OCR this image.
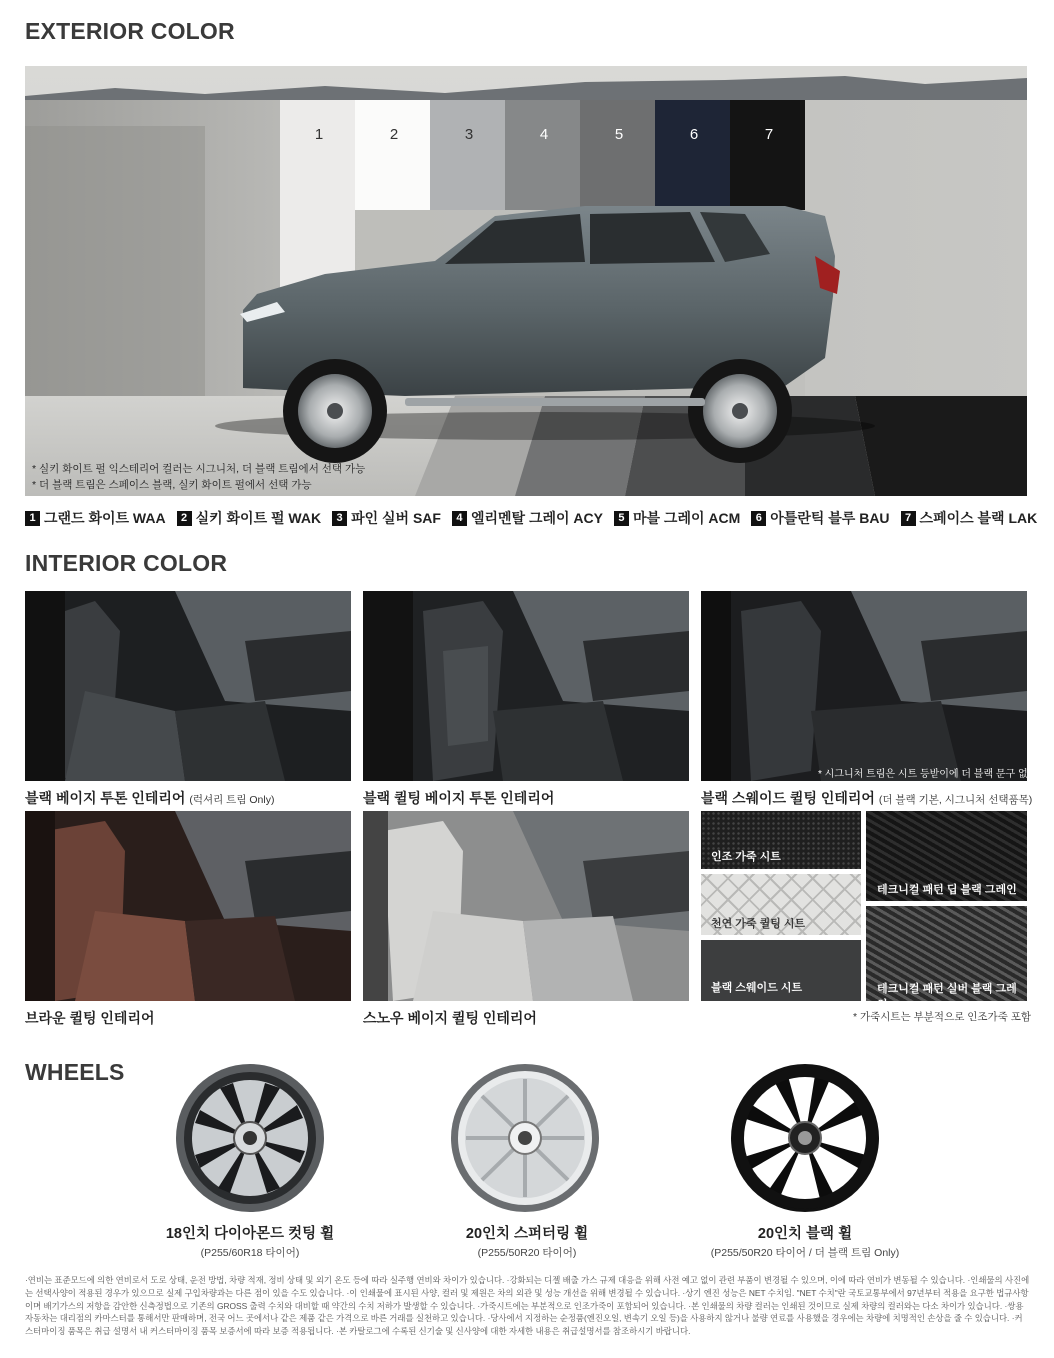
EXTERIOR COLOR
1	2	3	4	5	6	7
* 실키 화이트 펄 익스테리어 컬러는 시그니처, 더 블랙 트림에서 선택 가능
* 더 블랙 트림은 스페이스 블랙, 실키 화이트 펄에서 선택 가능
1 그랜드 화이트 WAA	2 실키 화이트 펄 WAK	3 파인 실버 SAF	4 엘리멘탈 그레이 ACY	5 마블 그레이 ACM	6 아틀란틱 블루 BAU	7 스페이스 블랙 LAK
INTERIOR COLOR
블랙 베이지 투톤 인테리어 (럭셔리 트림 Only)	블랙 퀼팅 베이지 투톤 인테리어
* 시그니처 트림은 시트 등받이에 더 블랙 문구 없음
블랙 스웨이드 퀼팅 인테리어 (더 블랙 기본, 시그니처 선택품목)
브라운 퀼팅 인테리어	스노우 베이지 퀼팅 인테리어
인조 가죽 시트
천연 가죽 퀼팅 시트
블랙 스웨이드 시트
테크니컬 패턴 딥 블랙 그레인
테크니컬 패턴 실버 블랙 그레인
* 가죽시트는 부분적으로 인조가죽 포함
WHEELS
18인치 다이아몬드 컷팅 휠
(P255/60R18 타이어)
20인치 스퍼터링 휠
(P255/50R20 타이어)
20인치 블랙 휠
(P255/50R20 타이어 / 더 블랙 트림 Only)
·연비는 표준모드에 의한 연비로서 도로 상태, 운전 방법, 차량 적재, 정비 상태 및 외기 온도 등에 따라 실주행 연비와 차이가 있습니다. ·강화되는 디젤 배출 가스 규제 대응을 위해 사전 예고 없이 관련 부품이 변경될 수 있으며, 이에 따라 연비가 변동될 수 있습니다. ·인쇄물의 사진에는 선택사양이 적용된 경우가 있으므로 실제 구입차량과는 다른 점이 있을 수도 있습니다. ·이 인쇄물에 표시된 사양, 컬러 및 제원은 차의 외관 및 성능 개선을 위해 변경될 수 있습니다. ·상기 엔진 성능은 NET 수치임. "NET 수치"란 국토교통부에서 97년부터 적용을 요구한 법규사항이며 배기가스의 저항을 감안한 신측정법으로 기존의 GROSS 출력 수치와 대비할 때 약간의 수치 저하가 발생할 수 있습니다. ·가죽시트에는 부분적으로 인조가죽이 포함되어 있습니다. ·본 인쇄물의 차량 컬러는 인쇄된 것이므로 실제 차량의 컬러와는 다소 차이가 있습니다. ·쌍용자동차는 대리점의 카마스터를 통해서만 판매하며, 전국 어느 곳에서나 같은 제품 같은 가격으로 바른 거래를 실천하고 있습니다. ·당사에서 지정하는 순정품(엔진오일, 변속기 오일 등)을 사용하지 않거나 불량 연료를 사용했을 경우에는 차량에 치명적인 손상을 줄 수 있습니다. ·커스터마이징 품목은 취급 설명서 내 커스터마이징 품목 보증서에 따라 보증 적용됩니다. ·본 카탈로그에 수록된 신기술 및 신사양에 대한 자세한 내용은 취급설명서를 참조하시기 바랍니다.
